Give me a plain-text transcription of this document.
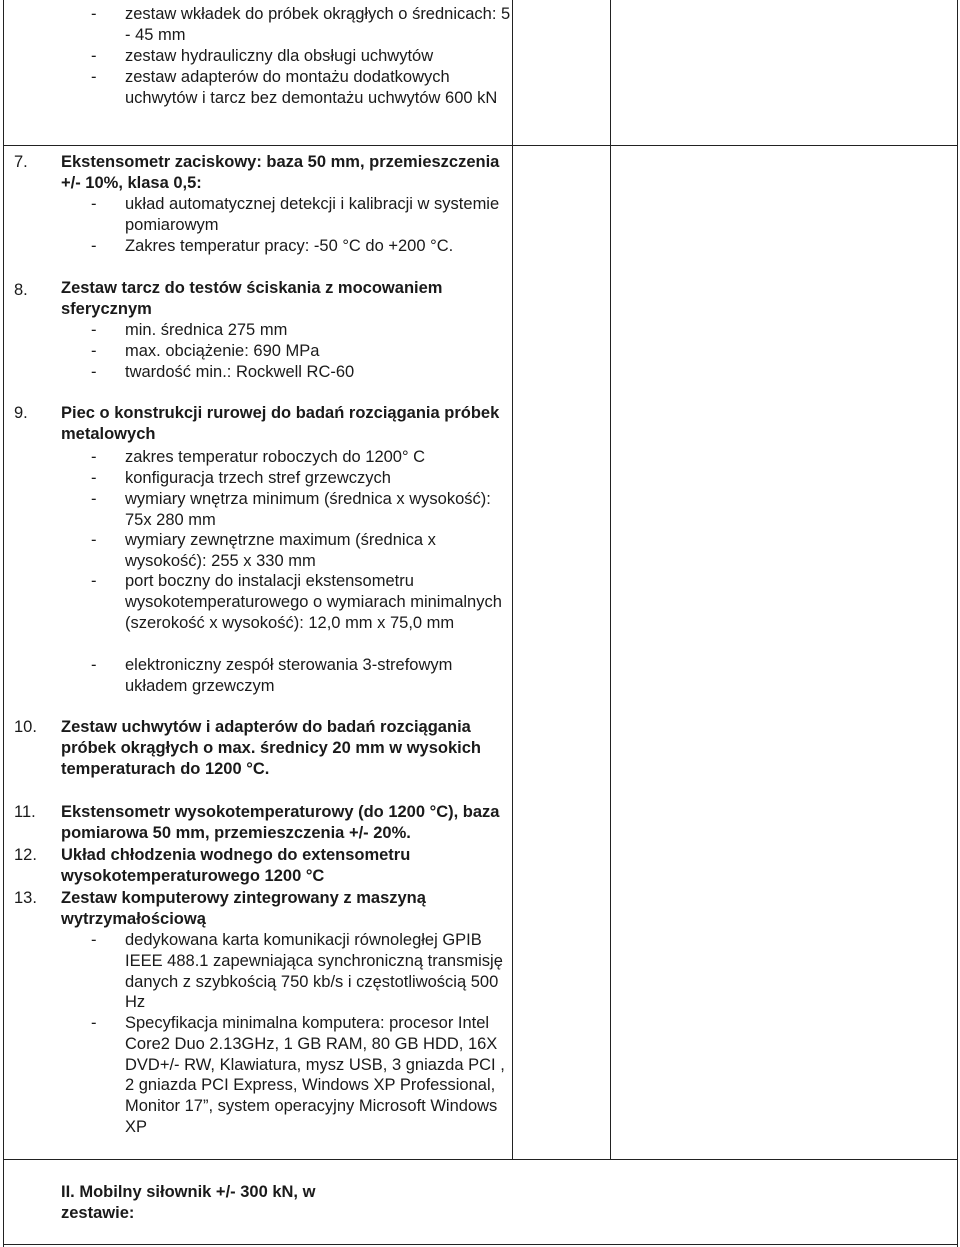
- zestaw wkładek do próbek okrągłych o średnicach: 5 - 45 mm
- zestaw hydrauliczny dla obsługi uchwytów
- zestaw adapterów do montażu dodatkowych uchwytów i tarcz bez demontażu uchwytów 600 kN
7. Ekstensometr zaciskowy: baza 50 mm, przemieszczenia +/- 10%, klasa 0,5:
- układ automatycznej detekcji i kalibracji w systemie pomiarowym
- Zakres temperatur pracy: -50 °C do +200 °C.
8. Zestaw tarcz do testów ściskania z mocowaniem sferycznym
- min. średnica 275 mm
- max. obciążenie: 690 MPa
- twardość min.: Rockwell RC-60
9. Piec o konstrukcji rurowej do badań rozciągania próbek metalowych
- zakres temperatur roboczych do 1200° C
- konfiguracja trzech stref grzewczych
- wymiary wnętrza minimum (średnica x wysokość): 75x 280 mm
- wymiary zewnętrzne maximum (średnica x wysokość): 255 x 330 mm
- port boczny do instalacji ekstensometru wysokotemperaturowego o wymiarach minimalnych (szerokość x wysokość): 12,0 mm x 75,0 mm
- elektroniczny zespół sterowania 3-strefowym układem grzewczym
10. Zestaw uchwytów i adapterów do badań rozciągania próbek okrągłych o max. średnicy 20 mm w wysokich temperaturach do 1200 °C.
11. Ekstensometr wysokotemperaturowy (do 1200 °C), baza pomiarowa 50 mm, przemieszczenia +/- 20%.
12. Układ chłodzenia wodnego do extensometru wysokotemperaturowego 1200 °C
13. Zestaw komputerowy zintegrowany z maszyną wytrzymałościową
- dedykowana karta komunikacji równoległej GPIB IEEE 488.1 zapewniająca synchroniczną transmisję danych z szybkością 750 kb/s i częstotliwością 500 Hz
- Specyfikacja minimalna komputera: procesor Intel Core2 Duo 2.13GHz, 1 GB RAM, 80 GB HDD, 16X DVD+/- RW, Klawiatura, mysz USB, 3 gniazda PCI , 2 gniazda PCI Express, Windows XP Professional, Monitor 17”, system operacyjny Microsoft Windows XP
II. Mobilny siłownik +/- 300 kN, w zestawie:
